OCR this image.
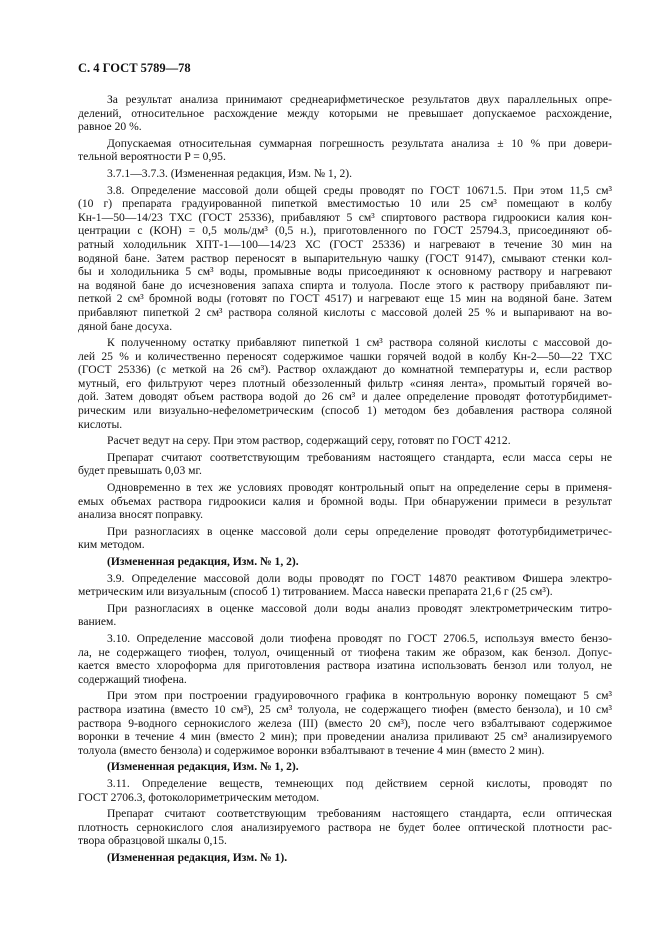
С. 4 ГОСТ 5789—78
За результат анализа принимают среднеарифметическое результатов двух параллельных опре-
делений, относительное расхождение между которыми не превышает допускаемое расхождение,
равное 20 %.
Допускаемая относительная суммарная погрешность результата анализа ± 10 % при довери-
тельной вероятности P = 0,95.
3.7.1—3.7.3. (Измененная редакция, Изм. № 1, 2).
3.8. Определение массовой доли общей среды проводят по ГОСТ 10671.5. При этом 11,5 см³
(10 г) препарата градуированной пипеткой вместимостью 10 или 25 см³ помещают в колбу
Кн-1—50—14/23 ТХС (ГОСТ 25336), прибавляют 5 см³ спиртового раствора гидроокиси калия кон-
центрации c (КОН) = 0,5 моль/дм³ (0,5 н.), приготовленного по ГОСТ 25794.3, присоединяют об-
ратный холодильник ХПТ-1—100—14/23 ХС (ГОСТ 25336) и нагревают в течение 30 мин на
водяной бане. Затем раствор переносят в выпарительную чашку (ГОСТ 9147), смывают стенки кол-
бы и холодильника 5 см³ воды, промывные воды присоединяют к основному раствору и нагревают
на водяной бане до исчезновения запаха спирта и толуола. После этого к раствору прибавляют пи-
петкой 2 см³ бромной воды (готовят по ГОСТ 4517) и нагревают еще 15 мин на водяной бане. Затем
прибавляют пипеткой 2 см³ раствора соляной кислоты с массовой долей 25 % и выпаривают на во-
дяной бане досуха.
К полученному остатку прибавляют пипеткой 1 см³ раствора соляной кислоты с массовой до-
лей 25 % и количественно переносят содержимое чашки горячей водой в колбу Кн-2—50—22 ТХС
(ГОСТ 25336) (с меткой на 26 см³). Раствор охлаждают до комнатной температуры и, если раствор
мутный, его фильтруют через плотный обеззоленный фильтр «синяя лента», промытый горячей во-
дой. Затем доводят объем раствора водой до 26 см³ и далее определение проводят фототурбидимет-
рическим или визуально-нефелометрическим (способ 1) методом без добавления раствора соляной
кислоты.
Расчет ведут на серу. При этом раствор, содержащий серу, готовят по ГОСТ 4212.
Препарат считают соответствующим требованиям настоящего стандарта, если масса серы не
будет превышать 0,03 мг.
Одновременно в тех же условиях проводят контрольный опыт на определение серы в применя-
емых объемах раствора гидроокиси калия и бромной воды. При обнаружении примеси в результат
анализа вносят поправку.
При разногласиях в оценке массовой доли серы определение проводят фототурбидиметричес-
ким методом.
(Измененная редакция, Изм. № 1, 2).
3.9. Определение массовой доли воды проводят по ГОСТ 14870 реактивом Фишера электро-
метрическим или визуальным (способ 1) титрованием. Масса навески препарата 21,6 г (25 см³).
При разногласиях в оценке массовой доли воды анализ проводят электрометрическим титро-
ванием.
3.10. Определение массовой доли тиофена проводят по ГОСТ 2706.5, используя вместо бензо-
ла, не содержащего тиофен, толуол, очищенный от тиофена таким же образом, как бензол. Допус-
кается вместо хлороформа для приготовления раствора изатина использовать бензол или толуол, не
содержащий тиофена.
При этом при построении градуировочного графика в контрольную воронку помещают 5 см³
раствора изатина (вместо 10 см³), 25 см³ толуола, не содержащего тиофен (вместо бензола), и 10 см³
раствора 9-водного сернокислого железа (III) (вместо 20 см³), после чего взбалтывают содержимое
воронки в течение 4 мин (вместо 2 мин); при проведении анализа приливают 25 см³ анализируемого
толуола (вместо бензола) и содержимое воронки взбалтывают в течение 4 мин (вместо 2 мин).
(Измененная редакция, Изм. № 1, 2).
3.11. Определение веществ, темнеющих под действием серной кислоты, проводят по
ГОСТ 2706.3, фотоколориметрическим методом.
Препарат считают соответствующим требованиям настоящего стандарта, если оптическая
плотность сернокислого слоя анализируемого раствора не будет более оптической плотности рас-
твора образцовой шкалы 0,15.
(Измененная редакция, Изм. № 1).
